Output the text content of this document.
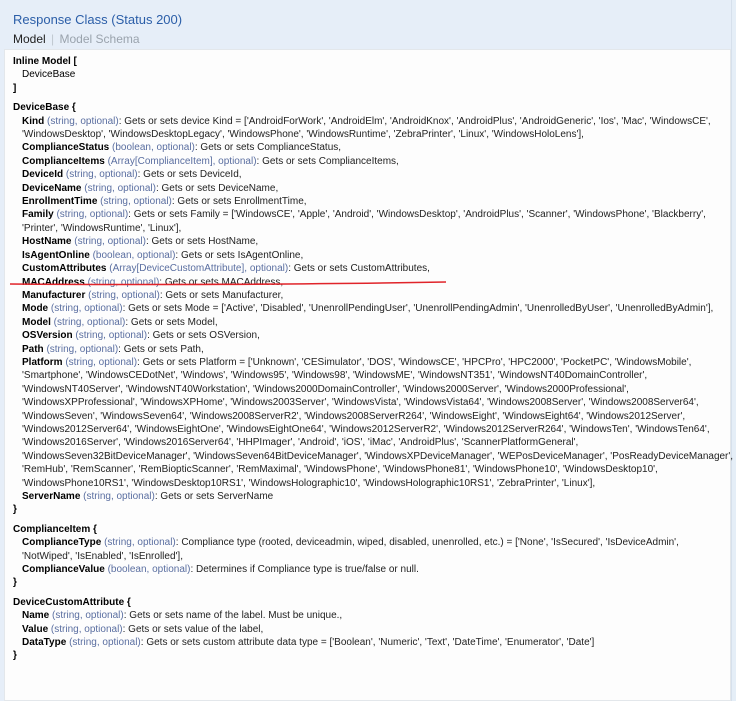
Response Class (Status 200)
Model | Model Schema
Inline Model [
DeviceBase
]
DeviceBase {
Kind (string, optional): Gets or sets device Kind = ['AndroidForWork', 'AndroidElm', 'AndroidKnox', 'AndroidPlus', 'AndroidGeneric', 'Ios', 'Mac', 'WindowsCE',
'WindowsDesktop', 'WindowsDesktopLegacy', 'WindowsPhone', 'WindowsRuntime', 'ZebraPrinter', 'Linux', 'WindowsHoloLens'],
ComplianceStatus (boolean, optional): Gets or sets ComplianceStatus,
ComplianceItems (Array[ComplianceItem], optional): Gets or sets ComplianceItems,
DeviceId (string, optional): Gets or sets DeviceId,
DeviceName (string, optional): Gets or sets DeviceName,
EnrollmentTime (string, optional): Gets or sets EnrollmentTime,
Family (string, optional): Gets or sets Family = ['WindowsCE', 'Apple', 'Android', 'WindowsDesktop', 'AndroidPlus', 'Scanner', 'WindowsPhone', 'Blackberry',
'Printer', 'WindowsRuntime', 'Linux'],
HostName (string, optional): Gets or sets HostName,
IsAgentOnline (boolean, optional): Gets or sets IsAgentOnline,
CustomAttributes (Array[DeviceCustomAttribute], optional): Gets or sets CustomAttributes,
MACAddress (string, optional): Gets or sets MACAddress,
Manufacturer (string, optional): Gets or sets Manufacturer,
Mode (string, optional): Gets or sets Mode = ['Active', 'Disabled', 'UnenrollPendingUser', 'UnenrollPendingAdmin', 'UnenrolledByUser', 'UnenrolledByAdmin'],
Model (string, optional): Gets or sets Model,
OSVersion (string, optional): Gets or sets OSVersion,
Path (string, optional): Gets or sets Path,
Platform (string, optional): Gets or sets Platform = ['Unknown', 'CESimulator', 'DOS', 'WindowsCE', 'HPCPro', 'HPC2000', 'PocketPC', 'WindowsMobile',
'Smartphone', 'WindowsCEDotNet', 'Windows', 'Windows95', 'Windows98', 'WindowsME', 'WindowsNT351', 'WindowsNT40DomainController',
'WindowsNT40Server', 'WindowsNT40Workstation', 'Windows2000DomainController', 'Windows2000Server', 'Windows2000Professional',
'WindowsXPProfessional', 'WindowsXPHome', 'Windows2003Server', 'WindowsVista', 'WindowsVista64', 'Windows2008Server', 'Windows2008Server64',
'WindowsSeven', 'WindowsSeven64', 'Windows2008ServerR2', 'Windows2008ServerR264', 'WindowsEight', 'WindowsEight64', 'Windows2012Server',
'Windows2012Server64', 'WindowsEightOne', 'WindowsEightOne64', 'Windows2012ServerR2', 'Windows2012ServerR264', 'WindowsTen', 'WindowsTen64',
'Windows2016Server', 'Windows2016Server64', 'HHPImager', 'Android', 'iOS', 'iMac', 'AndroidPlus', 'ScannerPlatformGeneral',
'WindowsSeven32BitDeviceManager', 'WindowsSeven64BitDeviceManager', 'WindowsXPDeviceManager', 'WEPosDeviceManager', 'PosReadyDeviceManager',
'RemHub', 'RemScanner', 'RemBiopticScanner', 'RemMaximal', 'WindowsPhone', 'WindowsPhone81', 'WindowsPhone10', 'WindowsDesktop10',
'WindowsPhone10RS1', 'WindowsDesktop10RS1', 'WindowsHolographic10', 'WindowsHolographic10RS1', 'ZebraPrinter', 'Linux'],
ServerName (string, optional): Gets or sets ServerName
}
ComplianceItem {
ComplianceType (string, optional): Compliance type (rooted, deviceadmin, wiped, disabled, unenrolled, etc.) = ['None', 'IsSecured', 'IsDeviceAdmin',
'NotWiped', 'IsEnabled', 'IsEnrolled'],
ComplianceValue (boolean, optional): Determines if Compliance type is true/false or null.
}
DeviceCustomAttribute {
Name (string, optional): Gets or sets name of the label. Must be unique.,
Value (string, optional): Gets or sets value of the label,
DataType (string, optional): Gets or sets custom attribute data type = ['Boolean', 'Numeric', 'Text', 'DateTime', 'Enumerator', 'Date']
}
